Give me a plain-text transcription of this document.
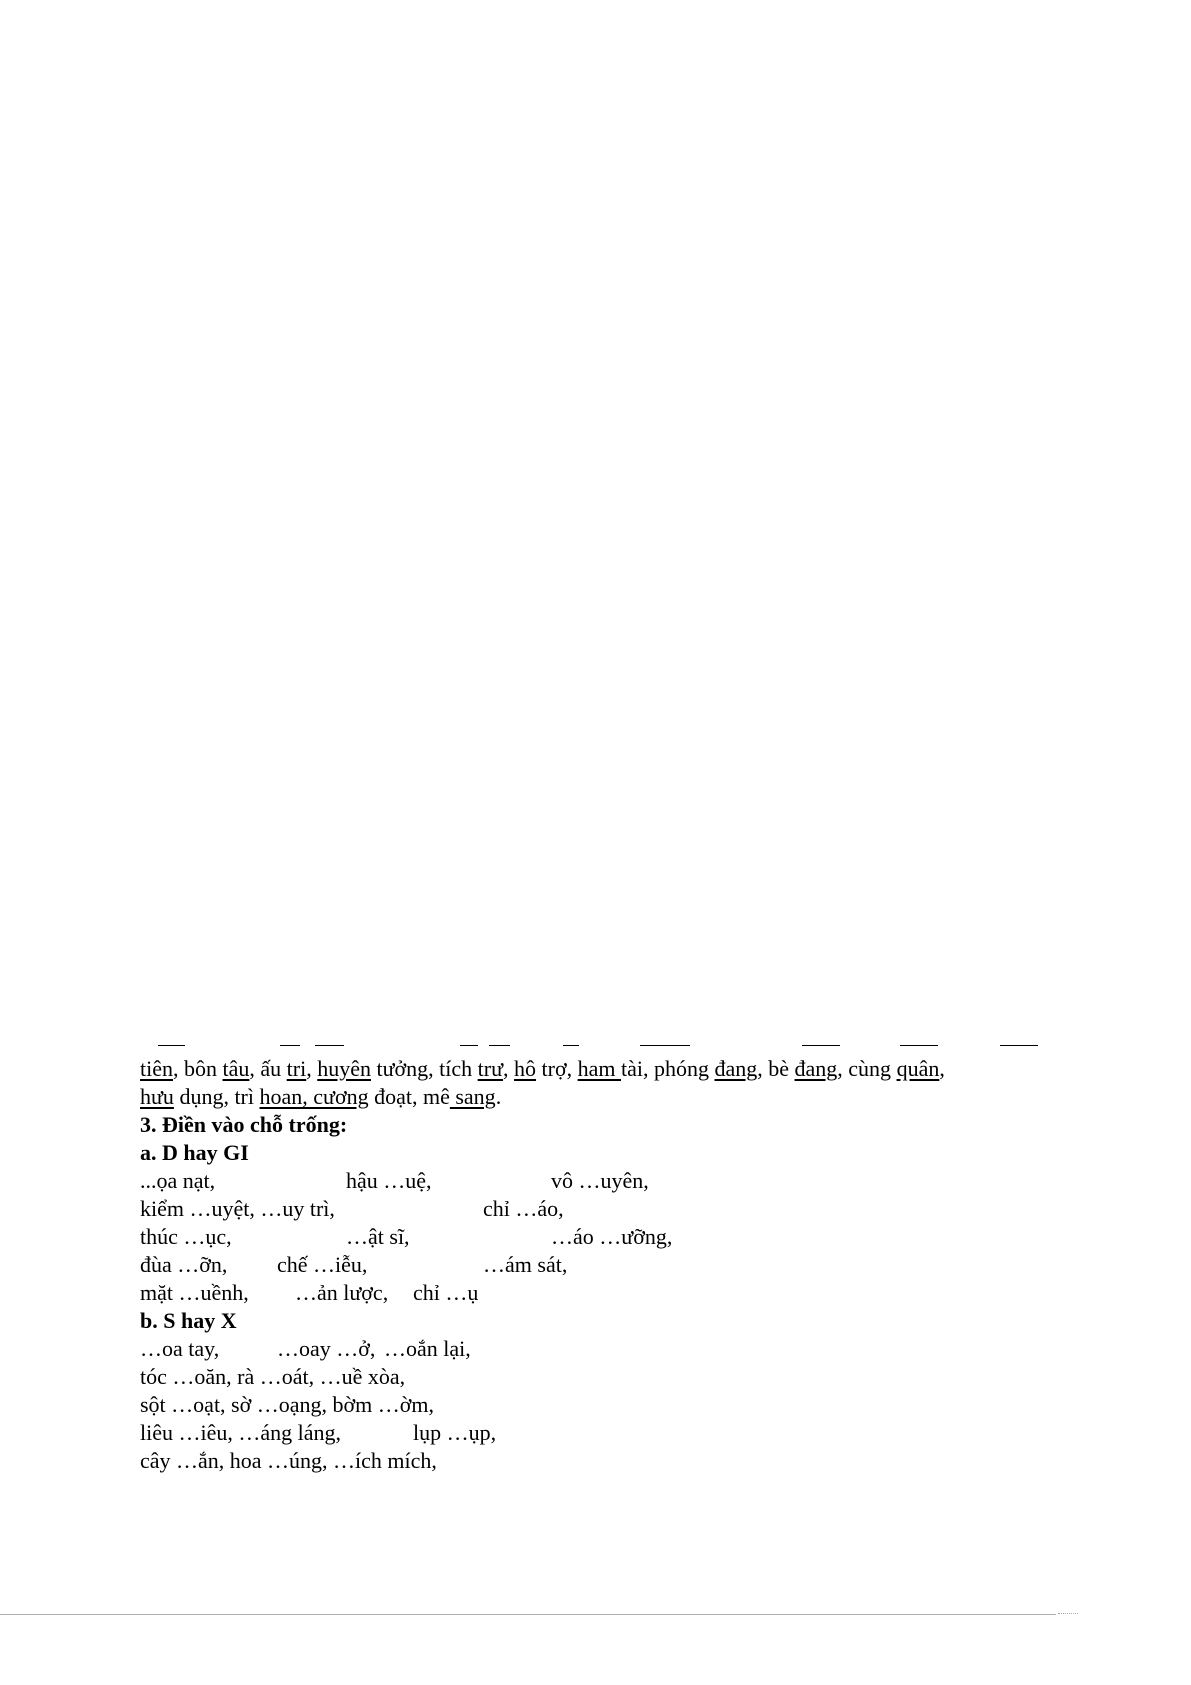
tiên, bôn tâu, ấu tri, huyên tưởng, tích trư, hô trợ, ham tài, phóng đang, bè đang, cùng quân,
hưu dụng, trì hoan, cương đoạt, mê sang.
3. Điền vào chỗ trống:
a. D hay GI
...ọa nạt,	hậu …uệ,	vô …uyên,
kiểm …uyệt, …uy trì,	chỉ …áo,
thúc …ục,	…ật sĩ,	…áo …ưỡng,
đùa …ỡn, chế …iễu,	…ám sát,
mặt …uềnh, …ản lược, chỉ …ụ
b. S hay X
…oa tay,	…oay …ở, …oắn lại,
tóc …oăn, rà …oát, …uề xòa,
sột …oạt, sờ …oạng, bờm …ờm,
liêu …iêu, …áng láng,	lụp …ụp,
cây …ắn, hoa …úng, …ích mích,
